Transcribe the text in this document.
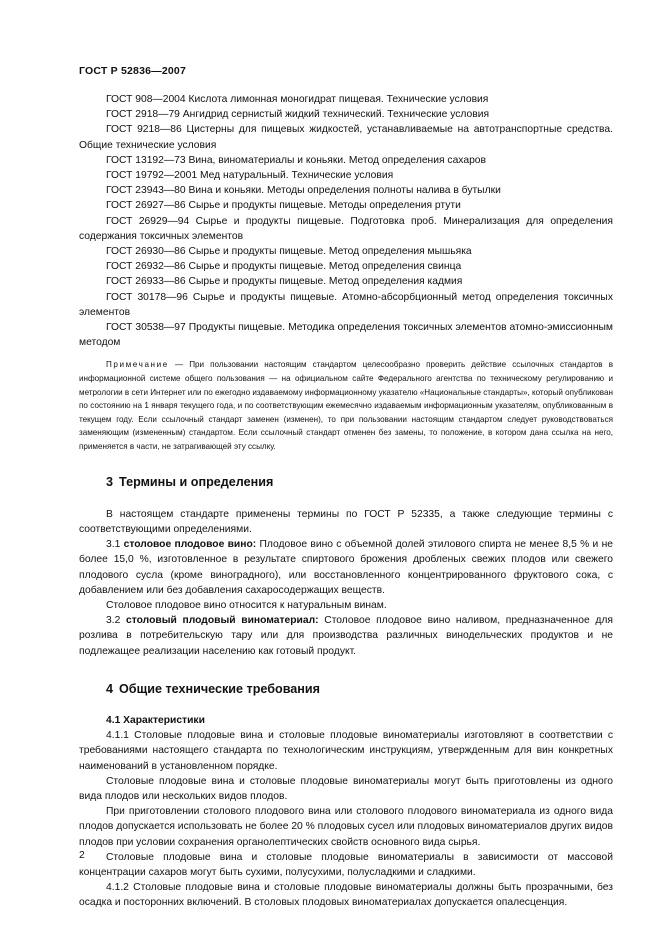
ГОСТ Р 52836—2007

ГОСТ 908—2004 Кислота лимонная моногидрат пищевая. Технические условия

ГОСТ 2918—79 Ангидрид сернистый жидкий технический. Технические условия

ГОСТ 9218—86 Цистерны для пищевых жидкостей, устанавливаемые на автотранспортные средства. Общие технические условия

ГОСТ 13192—73 Вина, виноматериалы и коньяки. Метод определения сахаров

ГОСТ 19792—2001 Мед натуральный. Технические условия

ГОСТ 23943—80 Вина и коньяки. Методы определения полноты налива в бутылки

ГОСТ 26927—86 Сырье и продукты пищевые. Методы определения ртути

ГОСТ 26929—94 Сырье и продукты пищевые. Подготовка проб. Минерализация для определения содержания токсичных элементов

ГОСТ 26930—86 Сырье и продукты пищевые. Метод определения мышьяка

ГОСТ 26932—86 Сырье и продукты пищевые. Метод определения свинца

ГОСТ 26933—86 Сырье и продукты пищевые. Метод определения кадмия

ГОСТ 30178—96 Сырье и продукты пищевые. Атомно-абсорбционный метод определения токсичных элементов

ГОСТ 30538—97 Продукты пищевые. Методика определения токсичных элементов атомно-эмиссионным методом

Примечание — При пользовании настоящим стандартом целесообразно проверить действие ссылочных стандартов в информационной системе общего пользования — на официальном сайте Федерального агентства по техническому регулированию и метрологии в сети Интернет или по ежегодно издаваемому информационному указателю «Национальные стандарты», который опубликован по состоянию на 1 января текущего года, и по соответствующим ежемесячно издаваемым информационным указателям, опубликованным в текущем году. Если ссылочный стандарт заменен (изменен), то при пользовании настоящим стандартом следует руководствоваться заменяющим (измененным) стандартом. Если ссылочный стандарт отменен без замены, то положение, в котором дана ссылка на него, применяется в части, не затрагивающей эту ссылку.
3 Термины и определения

В настоящем стандарте применены термины по ГОСТ Р 52335, а также следующие термины с соответствующими определениями.

3.1 столовое плодовое вино: Плодовое вино с объемной долей этилового спирта не менее 8,5 % и не более 15,0 %, изготовленное в результате спиртового брожения дробленых свежих плодов или свежего плодового сусла (кроме виноградного), или восстановленного концентрированного фруктового сока, с добавлением или без добавления сахаросодержащих веществ.

Столовое плодовое вино относится к натуральным винам.

3.2 столовый плодовый виноматериал: Столовое плодовое вино наливом, предназначенное для розлива в потребительскую тару или для производства различных винодельческих продуктов и не подлежащее реализации населению как готовый продукт.

4 Общие технические требования

4.1 Характеристики

4.1.1 Столовые плодовые вина и столовые плодовые виноматериалы изготовляют в соответствии с требованиями настоящего стандарта по технологическим инструкциям, утвержденным для вин конкретных наименований в установленном порядке.

Столовые плодовые вина и столовые плодовые виноматериалы могут быть приготовлены из одного вида плодов или нескольких видов плодов.

При приготовлении столового плодового вина или столового плодового виноматериала из одного вида плодов допускается использовать не более 20 % плодовых сусел или плодовых виноматериалов других видов плодов при условии сохранения органолептических свойств основного вида сырья.

Столовые плодовые вина и столовые плодовые виноматериалы в зависимости от массовой концентрации сахаров могут быть сухими, полусухими, полусладкими и сладкими.

4.1.2 Столовые плодовые вина и столовые плодовые виноматериалы должны быть прозрачными, без осадка и посторонних включений. В столовых плодовых виноматериалах допускается опалесценция.

2
